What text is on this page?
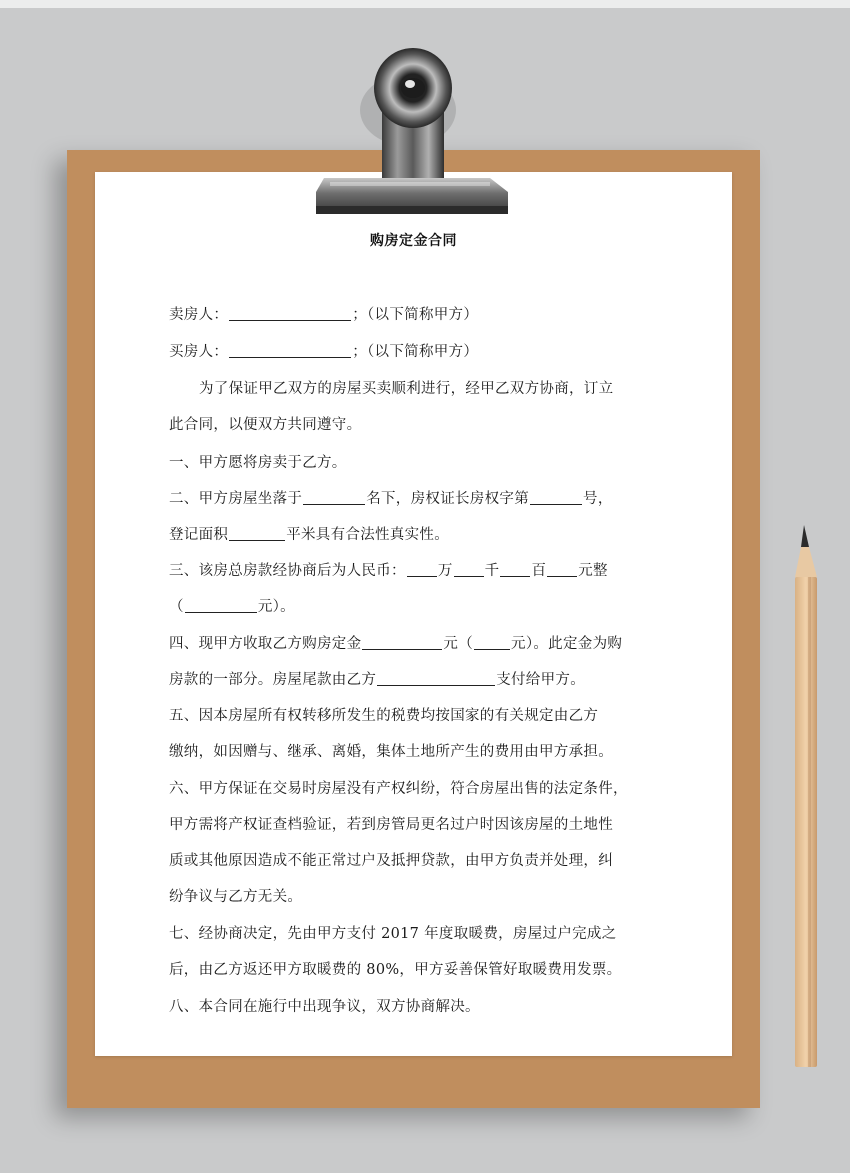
购房定金合同
卖房人：	；（以下简称甲方）
买房人：	；（以下简称甲方）
为了保证甲乙双方的房屋买卖顺利进行，经甲乙双方协商，订立
此合同，以便双方共同遵守。
一、甲方愿将房卖于乙方。
二、甲方房屋坐落于	名下，房权证长房权字第	号，
登记面积	平米具有合法性真实性。
三、该房总房款经协商后为人民币： 万 千 百 元整
（	元）。
四、现甲方收取乙方购房定金	元（	元）。此定金为购
房款的一部分。房屋尾款由乙方	支付给甲方。
五、因本房屋所有权转移所发生的税费均按国家的有关规定由乙方
缴纳，如因赠与、继承、离婚，集体土地所产生的费用由甲方承担。
六、甲方保证在交易时房屋没有产权纠纷，符合房屋出售的法定条件，
甲方需将产权证查档验证，若到房管局更名过户时因该房屋的土地性
质或其他原因造成不能正常过户及抵押贷款，由甲方负责并处理，纠
纷争议与乙方无关。
七、经协商决定，先由甲方支付 2017 年度取暖费，房屋过户完成之
后，由乙方返还甲方取暖费的 80%，甲方妥善保管好取暖费用发票。
八、本合同在施行中出现争议，双方协商解决。
